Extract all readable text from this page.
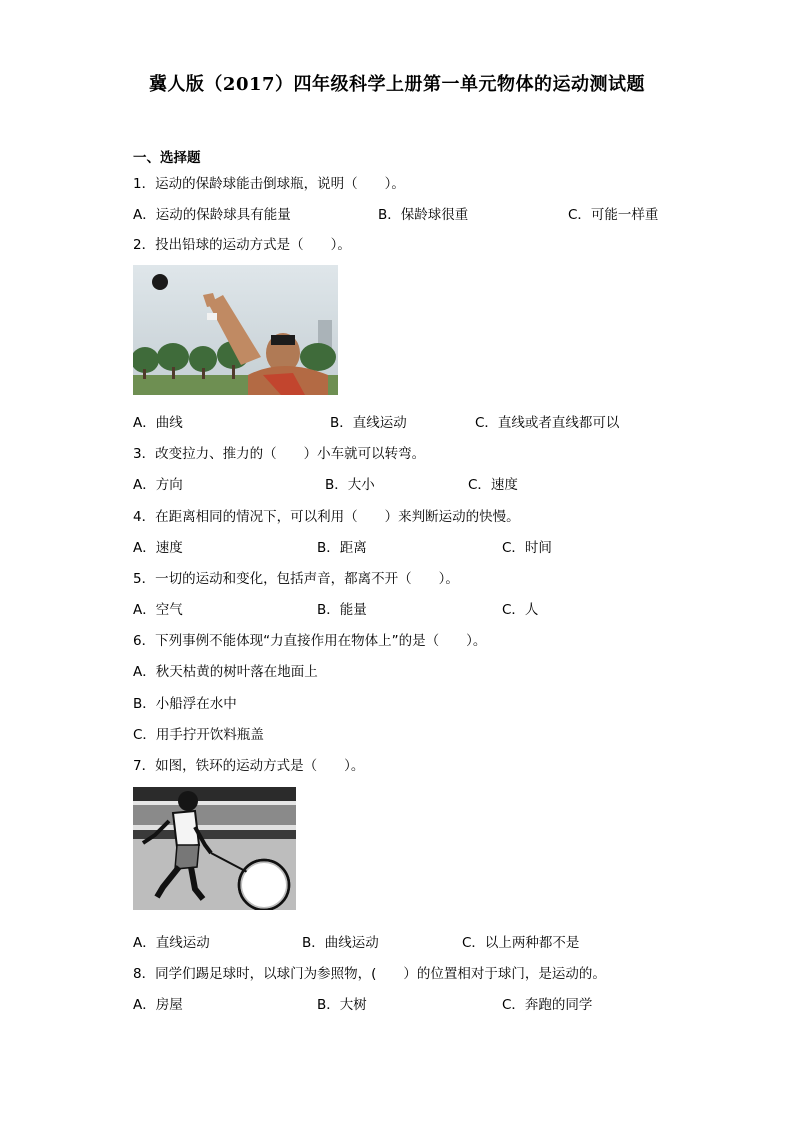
冀人版（2017）四年级科学上册第一单元物体的运动测试题
一、选择题
1．运动的保龄球能击倒球瓶，说明（　　）。
A．运动的保龄球具有能量	B．保龄球很重	C．可能一样重
2．投出铅球的运动方式是（　　）。
A．曲线	B．直线运动	C．直线或者直线都可以
3．改变拉力、推力的（　　）小车就可以转弯。
A．方向	B．大小	C．速度
4．在距离相同的情况下，可以利用（　　）来判断运动的快慢。
A．速度	B．距离	C．时间
5．一切的运动和变化，包括声音，都离不开（　　）。
A．空气	B．能量	C．人
6．下列事例不能体现“力直接作用在物体上”的是（　　）。
A．秋天枯黄的树叶落在地面上
B．小船浮在水中
C．用手拧开饮料瓶盖
7．如图，铁环的运动方式是（　　）。
A．直线运动	B．曲线运动	C．以上两种都不是
8．同学们踢足球时，以球门为参照物，(　　）的位置相对于球门，是运动的。
A．房屋	B．大树	C．奔跑的同学
